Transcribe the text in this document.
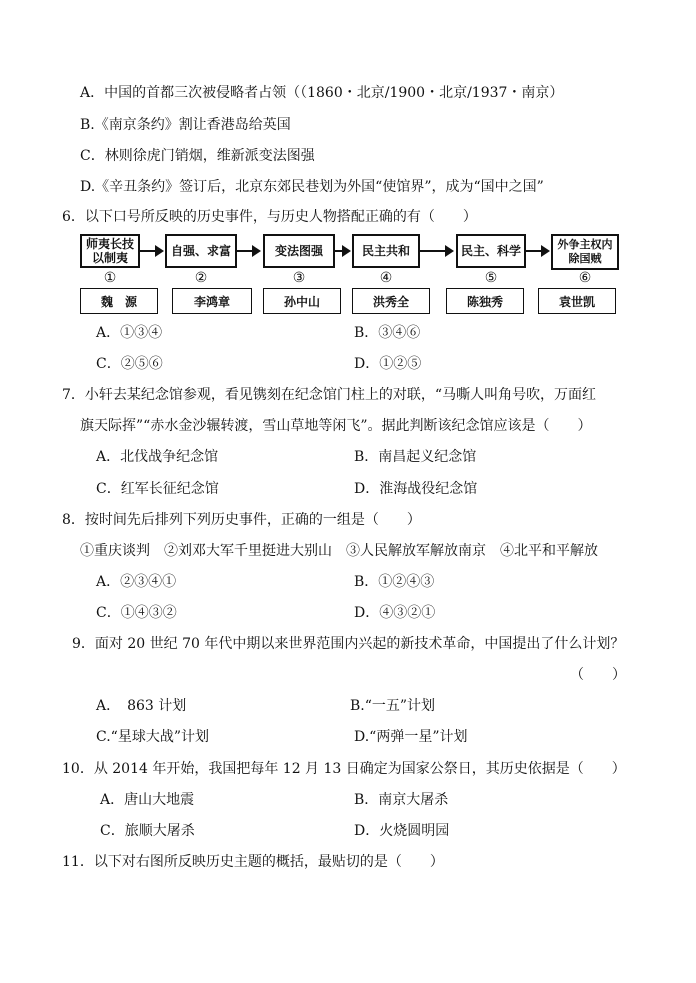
A．中国的首都三次被侵略者占领（（1860・北京/1900・北京/1937・南京）
B.《南京条约》割让香港岛给英国
C．林则徐虎门销烟，维新派变法图强
D.《辛丑条约》签订后，北京东郊民巷划为外国“使馆界”，成为“国中之国”
6．以下口号所反映的历史事件，与历史人物搭配正确的有（　　）
师夷长技以制夷	自强、求富	变法图强	民主共和	民主、科学	外争主权内除国贼
①	②	③	④	⑤	⑥
魏　源	李鸿章	孙中山	洪秀全	陈独秀	袁世凯
A．①③④	B．③④⑥
C．②⑤⑥	D．①②⑤
7．小轩去某纪念馆参观，看见镌刻在纪念馆门柱上的对联，“马嘶人叫角号吹，万面红
旗天际挥”“赤水金沙辗转渡，雪山草地等闲飞”。据此判断该纪念馆应该是（　　）
A．北伐战争纪念馆	B．南昌起义纪念馆
C．红军长征纪念馆	D．淮海战役纪念馆
8．按时间先后排列下列历史事件，正确的一组是（　　）
①重庆谈判　②刘邓大军千里挺进大别山　③人民解放军解放南京　④北平和平解放
A．②③④①	B．①②④③
C．①④③②	D．④③②①
9．面对 20 世纪 70 年代中期以来世界范围内兴起的新技术革命，中国提出了什么计划？
（　　）
A．　863 计划	B.“一五”计划
C.“星球大战”计划	D.“两弹一星”计划
10．从 2014 年开始，我国把每年 12 月 13 日确定为国家公祭日，其历史依据是（　　）
A．唐山大地震	B．南京大屠杀
C．旅顺大屠杀	D．火烧圆明园
11．以下对右图所反映历史主题的概括，最贴切的是（　　）
